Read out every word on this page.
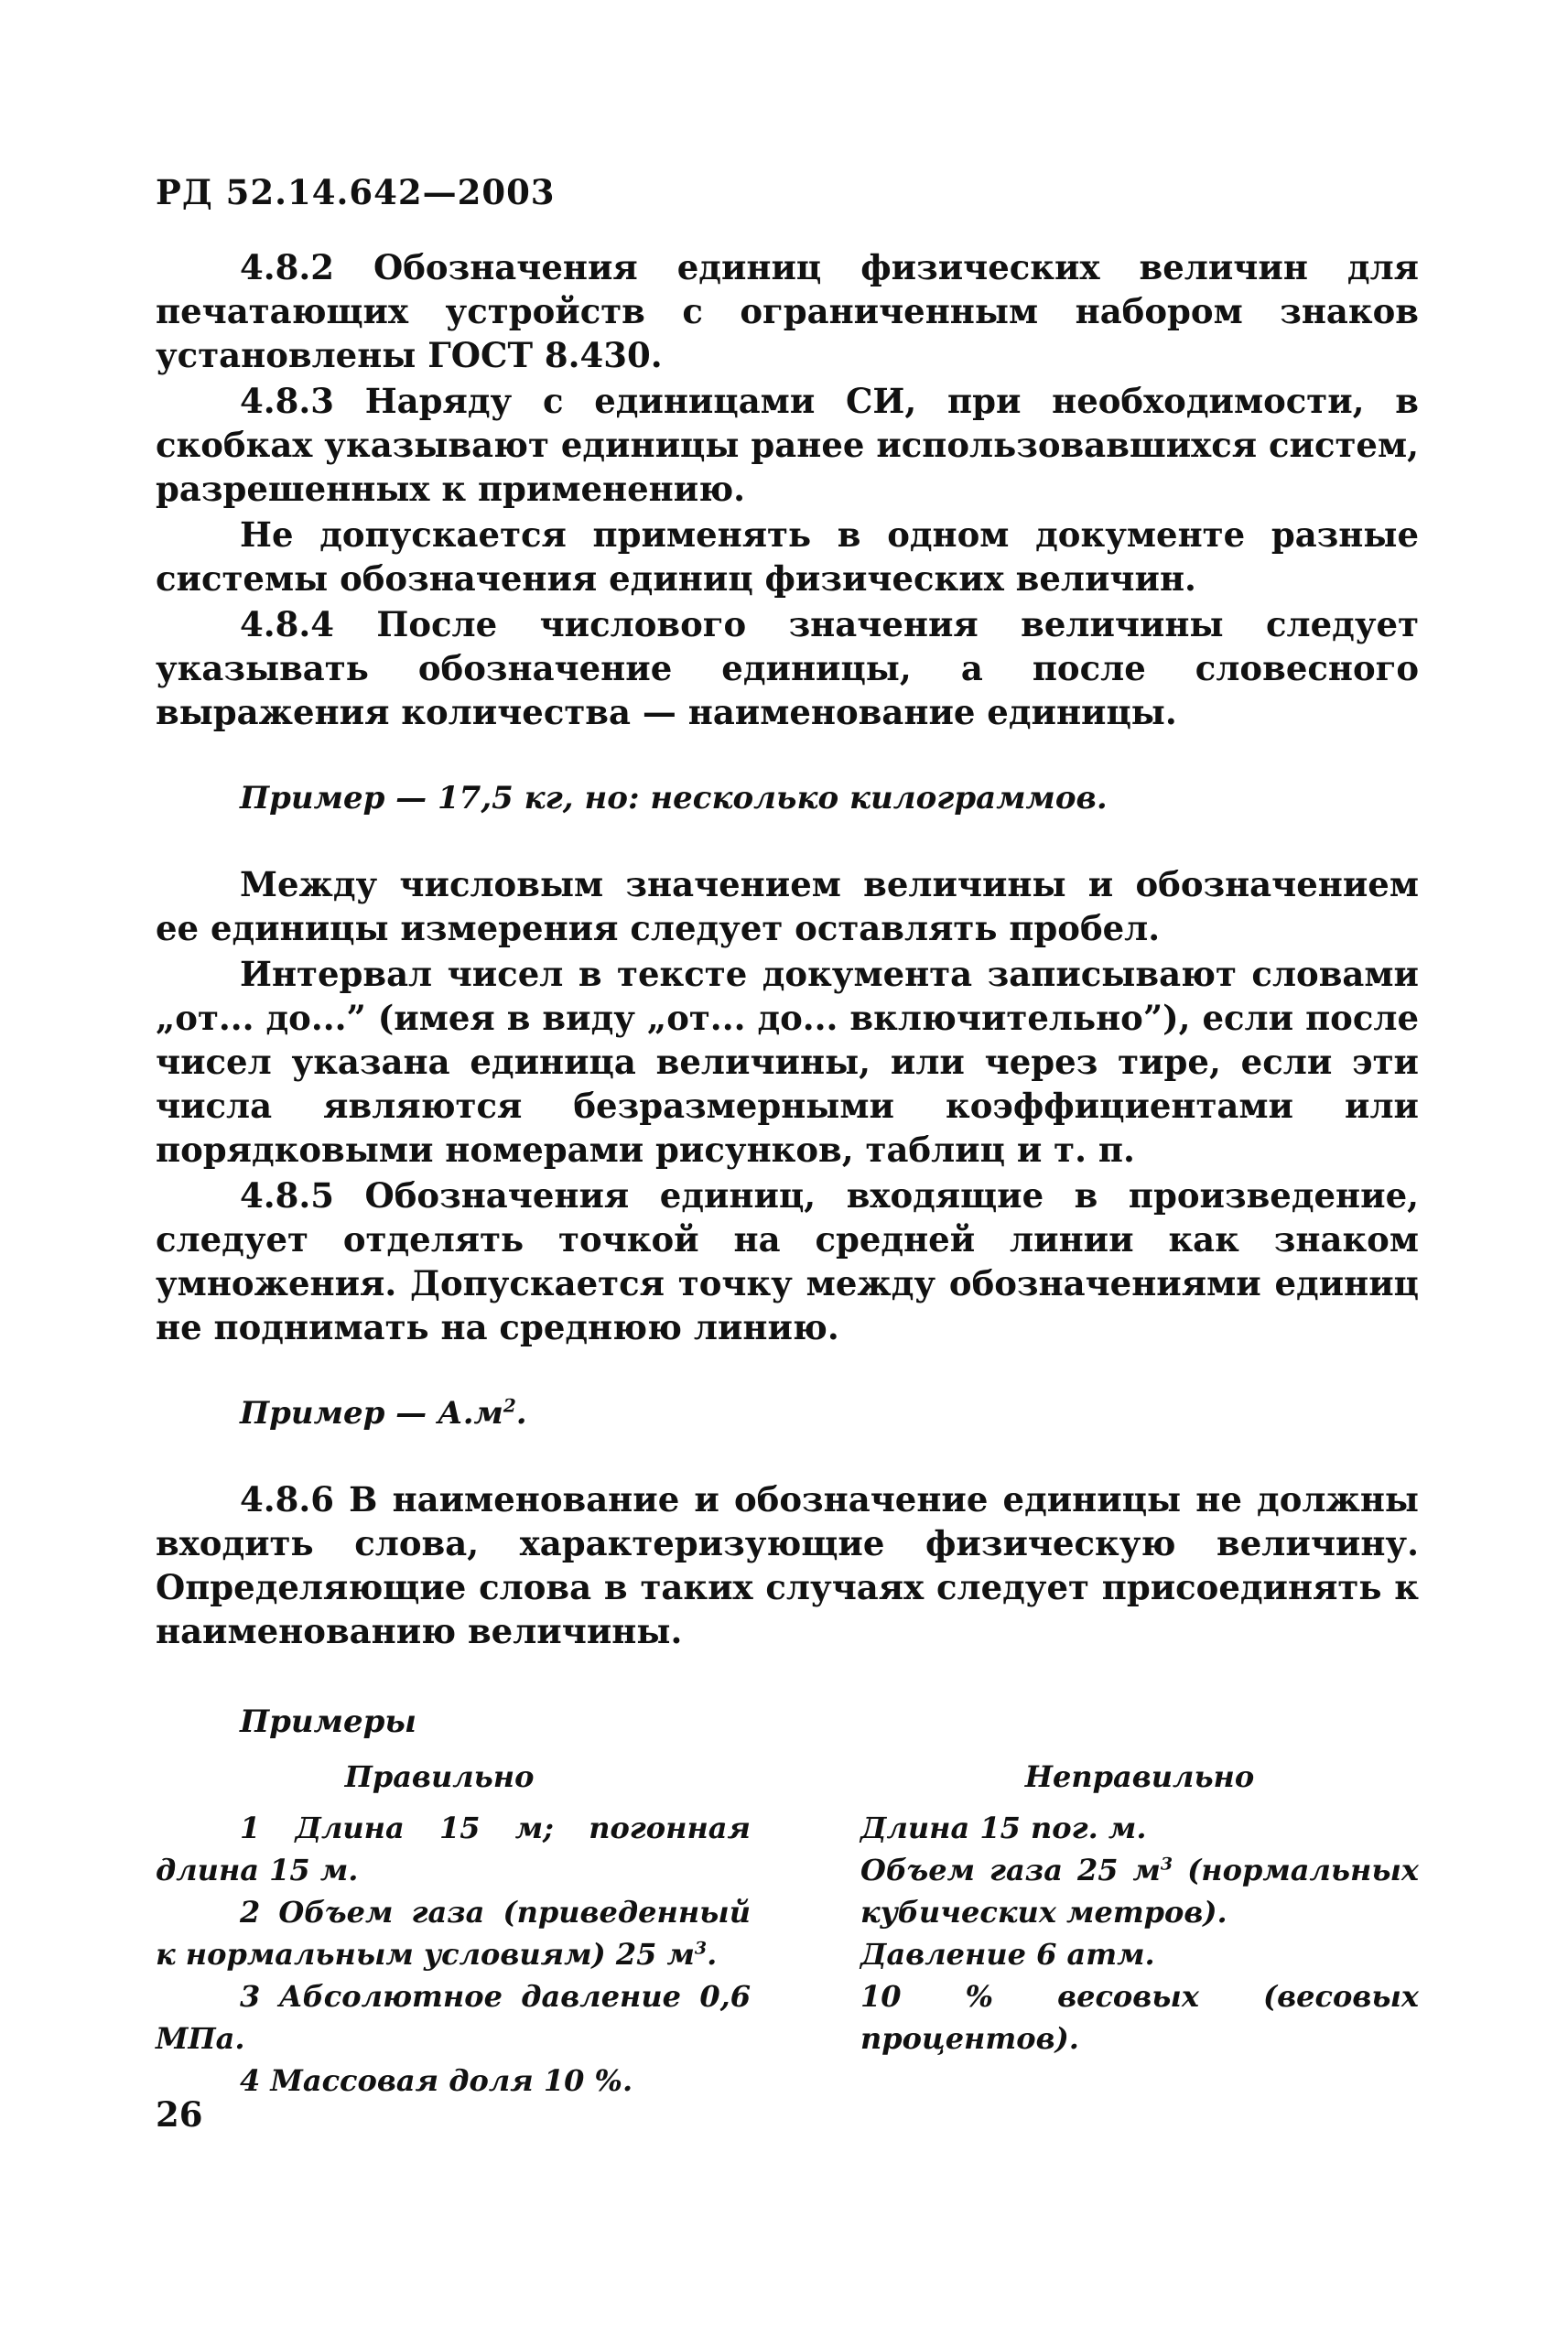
РД 52.14.642—2003

4.8.2 Обозначения единиц физических величин для печатающих устройств с ограниченным набором знаков установлены ГОСТ 8.430.

4.8.3 Наряду с единицами СИ, при необходимости, в скобках указывают единицы ранее использовавшихся систем, разрешенных к применению.

Не допускается применять в одном документе разные системы обозначения единиц физических величин.

4.8.4 После числового значения величины следует указывать обозначение единицы, а после словесного выражения количества — наименование единицы.

Пример — 17,5 кг, но: несколько килограммов.

Между числовым значением величины и обозначением ее единицы измерения следует оставлять пробел.

Интервал чисел в тексте документа записывают словами „от... до...” (имея в виду „от... до... включительно”), если после чисел указана единица величины, или через тире, если эти числа являются безразмерными коэффициентами или порядковыми номерами рисунков, таблиц и т. п.

4.8.5 Обозначения единиц, входящие в произведение, следует отделять точкой на средней линии как знаком умножения. Допускается точку между обозначениями единиц не поднимать на среднюю линию.

Пример — $А.м^2$.

4.8.6 В наименование и обозначение единицы не должны входить слова, характеризующие физическую величину. Определяющие слова в таких случаях следует присоединять к наименованию величины.

Примеры
Правильно

1 Длина 15 м; погонная длина 15 м.

2 Объем газа (приведенный к нормальным условиям) 25 $м^3$.

3 Абсолютное давление 0,6 МПа.

4 Массовая доля 10 %.

Неправильно

Длина 15 пог. м.

Объем газа 25 $м^3$ (нормальных кубических метров).

Давление 6 атм.

10 % весовых (весовых процентов).

26
